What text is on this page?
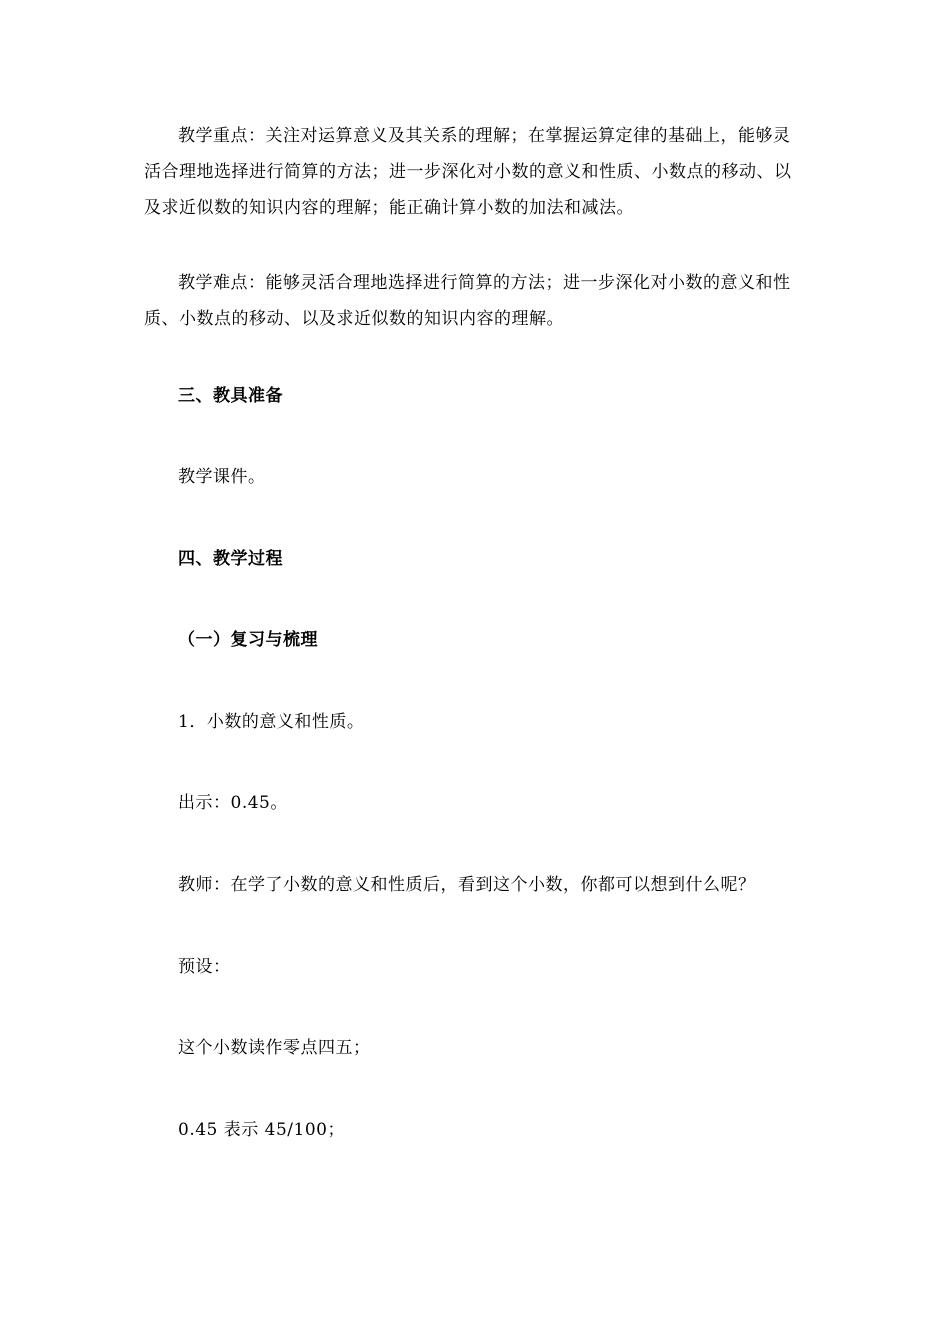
教学重点：关注对运算意义及其关系的理解；在掌握运算定律的基础上，能够灵活合理地选择进行简算的方法；进一步深化对小数的意义和性质、小数点的移动、以及求近似数的知识内容的理解；能正确计算小数的加法和减法。

教学难点：能够灵活合理地选择进行简算的方法；进一步深化对小数的意义和性质、小数点的移动、以及求近似数的知识内容的理解。

三、教具准备

教学课件。

四、教学过程

（一）复习与梳理

1．小数的意义和性质。

出示：0.45。

教师：在学了小数的意义和性质后，看到这个小数，你都可以想到什么呢？

预设：

这个小数读作零点四五；

0.45 表示 45/100；
